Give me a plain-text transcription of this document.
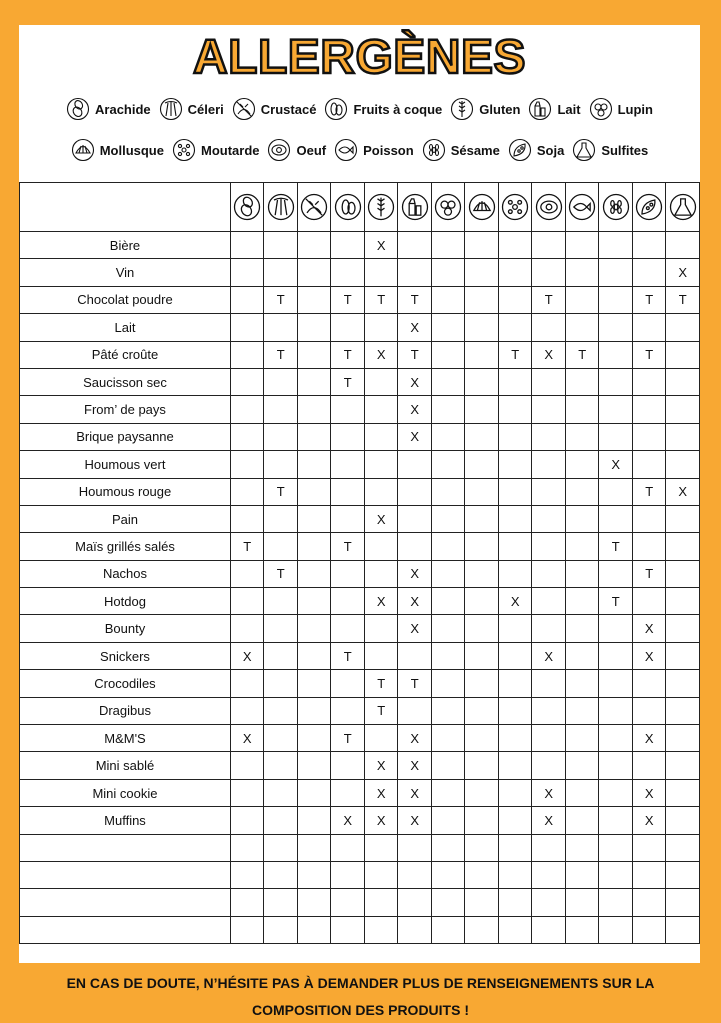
ALLERGÈNES
Arachide	Céleri	Crustacé	Fruits à coque	Gluten	Lait	Lupin
Mollusque	Moutarde	Oeuf	Poisson	Sésame	Soja	Sulfites

Bière					X									
Vin														X
Chocolat poudre		T		T	T	T				T			T	T
Lait						X								
Pâté croûte		T		T	X	T			T	X	T		T	
Saucisson sec				T		X								
From’ de pays						X								
Brique paysanne						X								
Houmous vert												X		
Houmous rouge		T											T	X
Pain					X									
Maïs grillés salés	T			T								T		
Nachos		T				X							T	
Hotdog					X	X			X			T		
Bounty						X							X	
Snickers	X			T						X			X	
Crocodiles					T	T								
Dragibus					T									
M&M'S	X			T		X							X	
Mini sablé					X	X								
Mini cookie					X	X				X			X	
Muffins				X	X	X				X			X	

EN CAS DE DOUTE, N’HÉSITE PAS À DEMANDER PLUS DE RENSEIGNEMENTS SUR LA
COMPOSITION DES PRODUITS !
